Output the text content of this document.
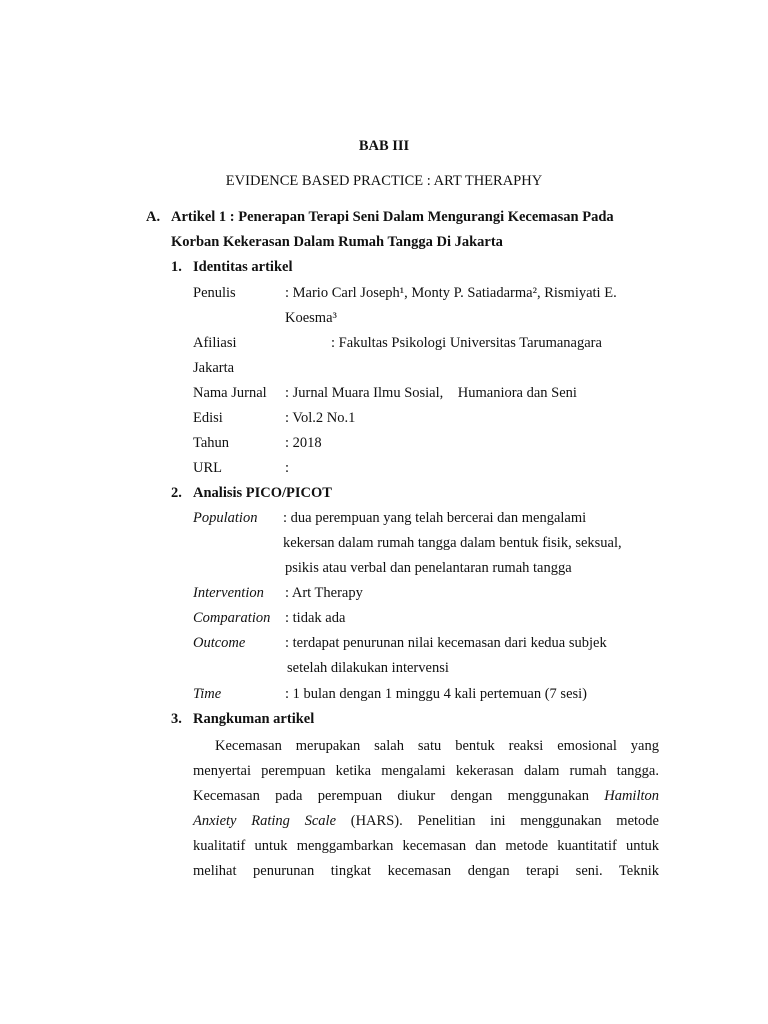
BAB III
EVIDENCE BASED PRACTICE : ART THERAPHY
A. Artikel 1 : Penerapan Terapi Seni Dalam Mengurangi Kecemasan Pada
Korban Kekerasan Dalam Rumah Tangga Di Jakarta
1. Identitas artikel
Penulis	: Mario Carl Joseph¹, Monty P. Satiadarma², Rismiyati E.
Koesma³
Afiliasi	: Fakultas Psikologi Universitas Tarumanagara
Jakarta
Nama Jurnal : Jurnal Muara Ilmu Sosial,    Humaniora dan Seni
Edisi	: Vol.2 No.1
Tahun	: 2018
URL	:
2. Analisis PICO/PICOT
Population : dua perempuan yang telah bercerai dan mengalami
kekersan dalam rumah tangga dalam bentuk fisik, seksual,
psikis atau verbal dan penelantaran rumah tangga
Intervention : Art Therapy
Comparation : tidak ada
Outcome	: terdapat penurunan nilai kecemasan dari kedua subjek
setelah dilakukan intervensi
Time	: 1 bulan dengan 1 minggu 4 kali pertemuan (7 sesi)
3. Rangkuman artikel
Kecemasan merupakan salah satu bentuk reaksi emosional yang
menyertai perempuan ketika mengalami kekerasan dalam rumah tangga.
Kecemasan pada perempuan diukur dengan menggunakan Hamilton
Anxiety Rating Scale (HARS). Penelitian ini menggunakan metode
kualitatif untuk menggambarkan kecemasan dan metode kuantitatif untuk
melihat penurunan tingkat kecemasan dengan terapi seni. Teknik
